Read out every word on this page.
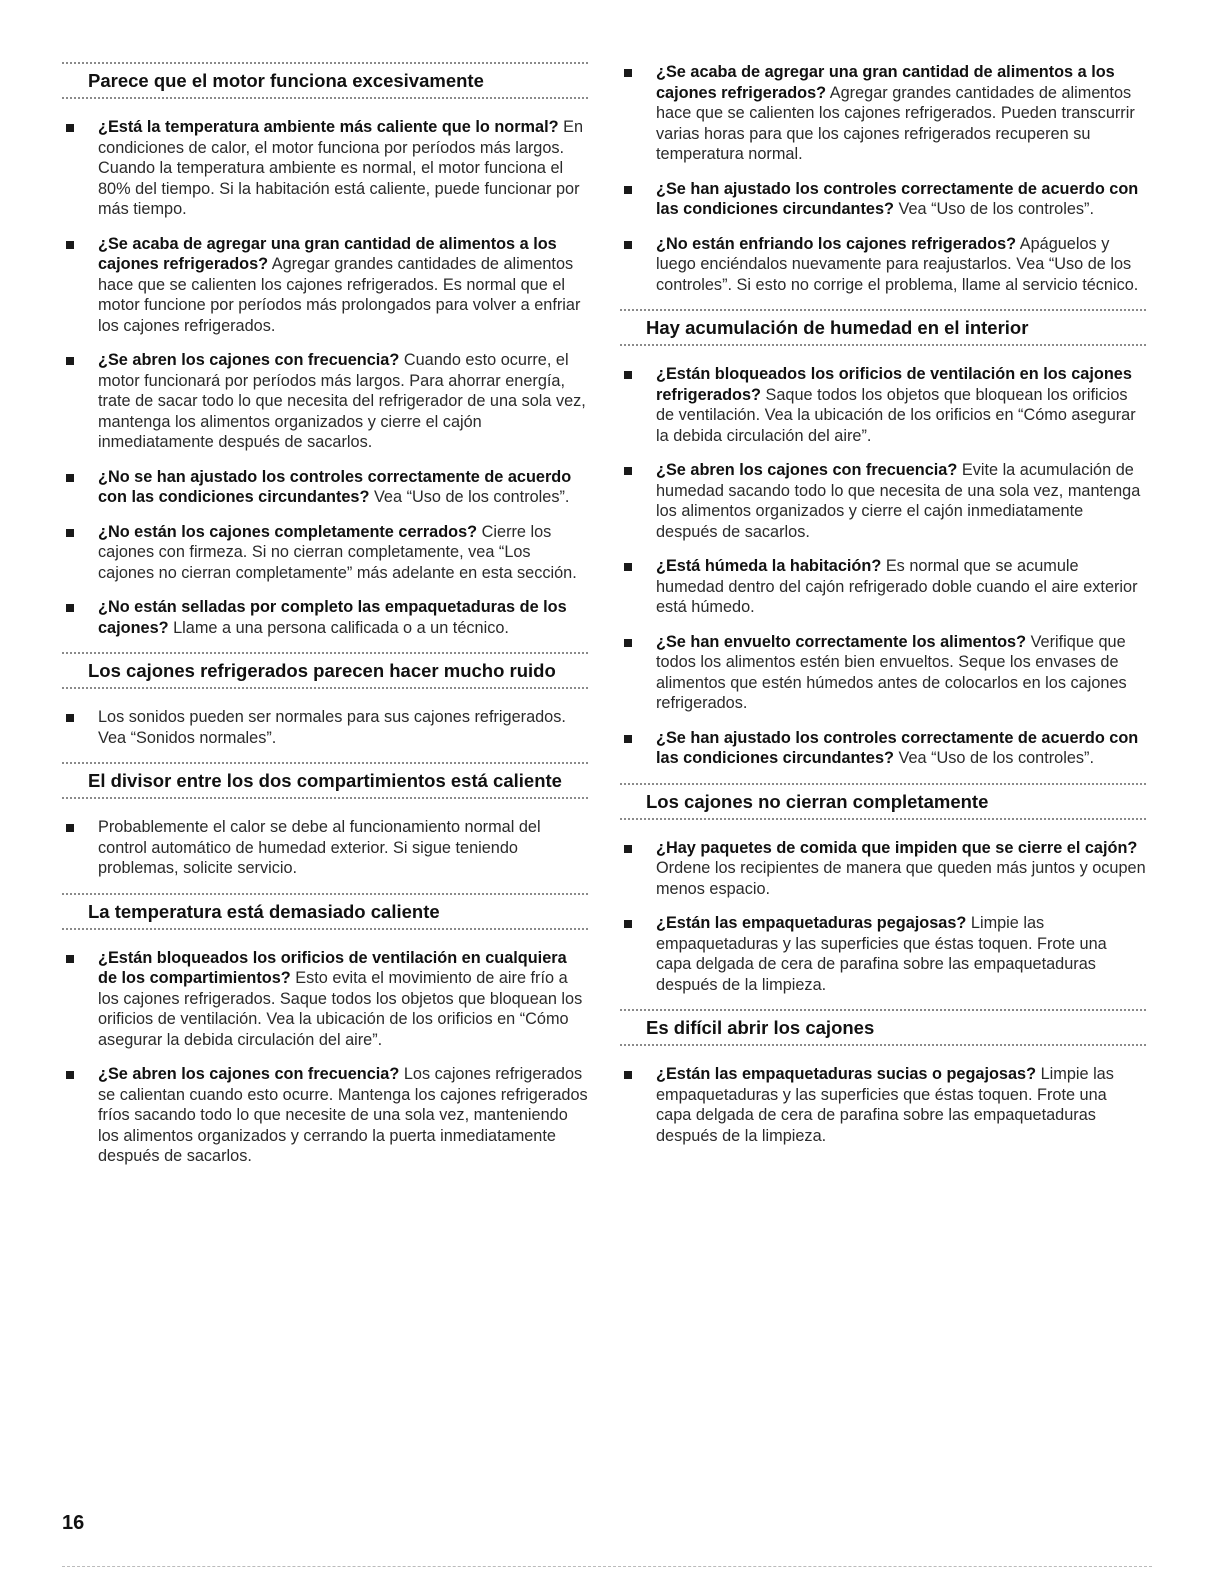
Parece que el motor funciona excesivamente
¿Está la temperatura ambiente más caliente que lo normal? En condiciones de calor, el motor funciona por períodos más largos. Cuando la temperatura ambiente es normal, el motor funciona el 80% del tiempo. Si la habitación está caliente, puede funcionar por más tiempo.
¿Se acaba de agregar una gran cantidad de alimentos a los cajones refrigerados? Agregar grandes cantidades de alimentos hace que se calienten los cajones refrigerados. Es normal que el motor funcione por períodos más prolongados para volver a enfriar los cajones refrigerados.
¿Se abren los cajones con frecuencia? Cuando esto ocurre, el motor funcionará por períodos más largos. Para ahorrar energía, trate de sacar todo lo que necesita del refrigerador de una sola vez, mantenga los alimentos organizados y cierre el cajón inmediatamente después de sacarlos.
¿No se han ajustado los controles correctamente de acuerdo con las condiciones circundantes? Vea “Uso de los controles”.
¿No están los cajones completamente cerrados? Cierre los cajones con firmeza. Si no cierran completamente, vea “Los cajones no cierran completamente” más adelante en esta sección.
¿No están selladas por completo las empaquetaduras de los cajones? Llame a una persona calificada o a un técnico.
Los cajones refrigerados parecen hacer mucho ruido
Los sonidos pueden ser normales para sus cajones refrigerados. Vea “Sonidos normales”.
El divisor entre los dos compartimientos está caliente
Probablemente el calor se debe al funcionamiento normal del control automático de humedad exterior. Si sigue teniendo problemas, solicite servicio.
La temperatura está demasiado caliente
¿Están bloqueados los orificios de ventilación en cualquiera de los compartimientos? Esto evita el movimiento de aire frío a los cajones refrigerados. Saque todos los objetos que bloquean los orificios de ventilación. Vea la ubicación de los orificios en “Cómo asegurar la debida circulación del aire”.
¿Se abren los cajones con frecuencia? Los cajones refrigerados se calientan cuando esto ocurre. Mantenga los cajones refrigerados fríos sacando todo lo que necesite de una sola vez, manteniendo los alimentos organizados y cerrando la puerta inmediatamente después de sacarlos.
¿Se acaba de agregar una gran cantidad de alimentos a los cajones refrigerados? Agregar grandes cantidades de alimentos hace que se calienten los cajones refrigerados. Pueden transcurrir varias horas para que los cajones refrigerados recuperen su temperatura normal.
¿Se han ajustado los controles correctamente de acuerdo con las condiciones circundantes? Vea “Uso de los controles”.
¿No están enfriando los cajones refrigerados? Apáguelos y luego enciéndalos nuevamente para reajustarlos. Vea “Uso de los controles”. Si esto no corrige el problema, llame al servicio técnico.
Hay acumulación de humedad en el interior
¿Están bloqueados los orificios de ventilación en los cajones refrigerados? Saque todos los objetos que bloquean los orificios de ventilación. Vea la ubicación de los orificios en “Cómo asegurar la debida circulación del aire”.
¿Se abren los cajones con frecuencia? Evite la acumulación de humedad sacando todo lo que necesita de una sola vez, mantenga los alimentos organizados y cierre el cajón inmediatamente después de sacarlos.
¿Está húmeda la habitación? Es normal que se acumule humedad dentro del cajón refrigerado doble cuando el aire exterior está húmedo.
¿Se han envuelto correctamente los alimentos? Verifique que todos los alimentos estén bien envueltos. Seque los envases de alimentos que estén húmedos antes de colocarlos en los cajones refrigerados.
¿Se han ajustado los controles correctamente de acuerdo con las condiciones circundantes? Vea “Uso de los controles”.
Los cajones no cierran completamente
¿Hay paquetes de comida que impiden que se cierre el cajón? Ordene los recipientes de manera que queden más juntos y ocupen menos espacio.
¿Están las empaquetaduras pegajosas? Limpie las empaquetaduras y las superficies que éstas toquen. Frote una capa delgada de cera de parafina sobre las empaquetaduras después de la limpieza.
Es difícil abrir los cajones
¿Están las empaquetaduras sucias o pegajosas? Limpie las empaquetaduras y las superficies que éstas toquen. Frote una capa delgada de cera de parafina sobre las empaquetaduras después de la limpieza.
16
